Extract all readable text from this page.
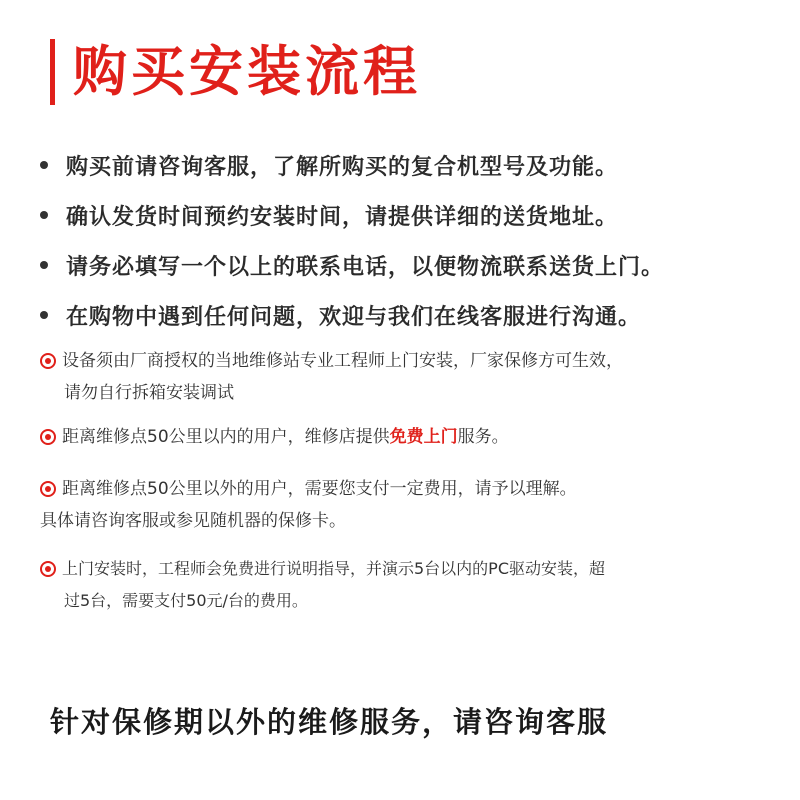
购买安装流程
购买前请咨询客服，了解所购买的复合机型号及功能。
确认发货时间预约安装时间，请提供详细的送货地址。
请务必填写一个以上的联系电话，以便物流联系送货上门。
在购物中遇到任何问题，欢迎与我们在线客服进行沟通。
设备须由厂商授权的当地维修站专业工程师上门安装，厂家保修方可生效，
请勿自行拆箱安装调试
距离维修点50公里以内的用户，维修店提供 免费上门 服务。
距离维修点50公里以外的用户，需要您支付一定费用，请予以理解。
具体请咨询客服或参见随机器的保修卡。
上门安装时，工程师会免费进行说明指导，并演示5台以内的PC驱动安装，超
过5台，需要支付50元/台的费用。
针对保修期以外的维修服务，请咨询客服
